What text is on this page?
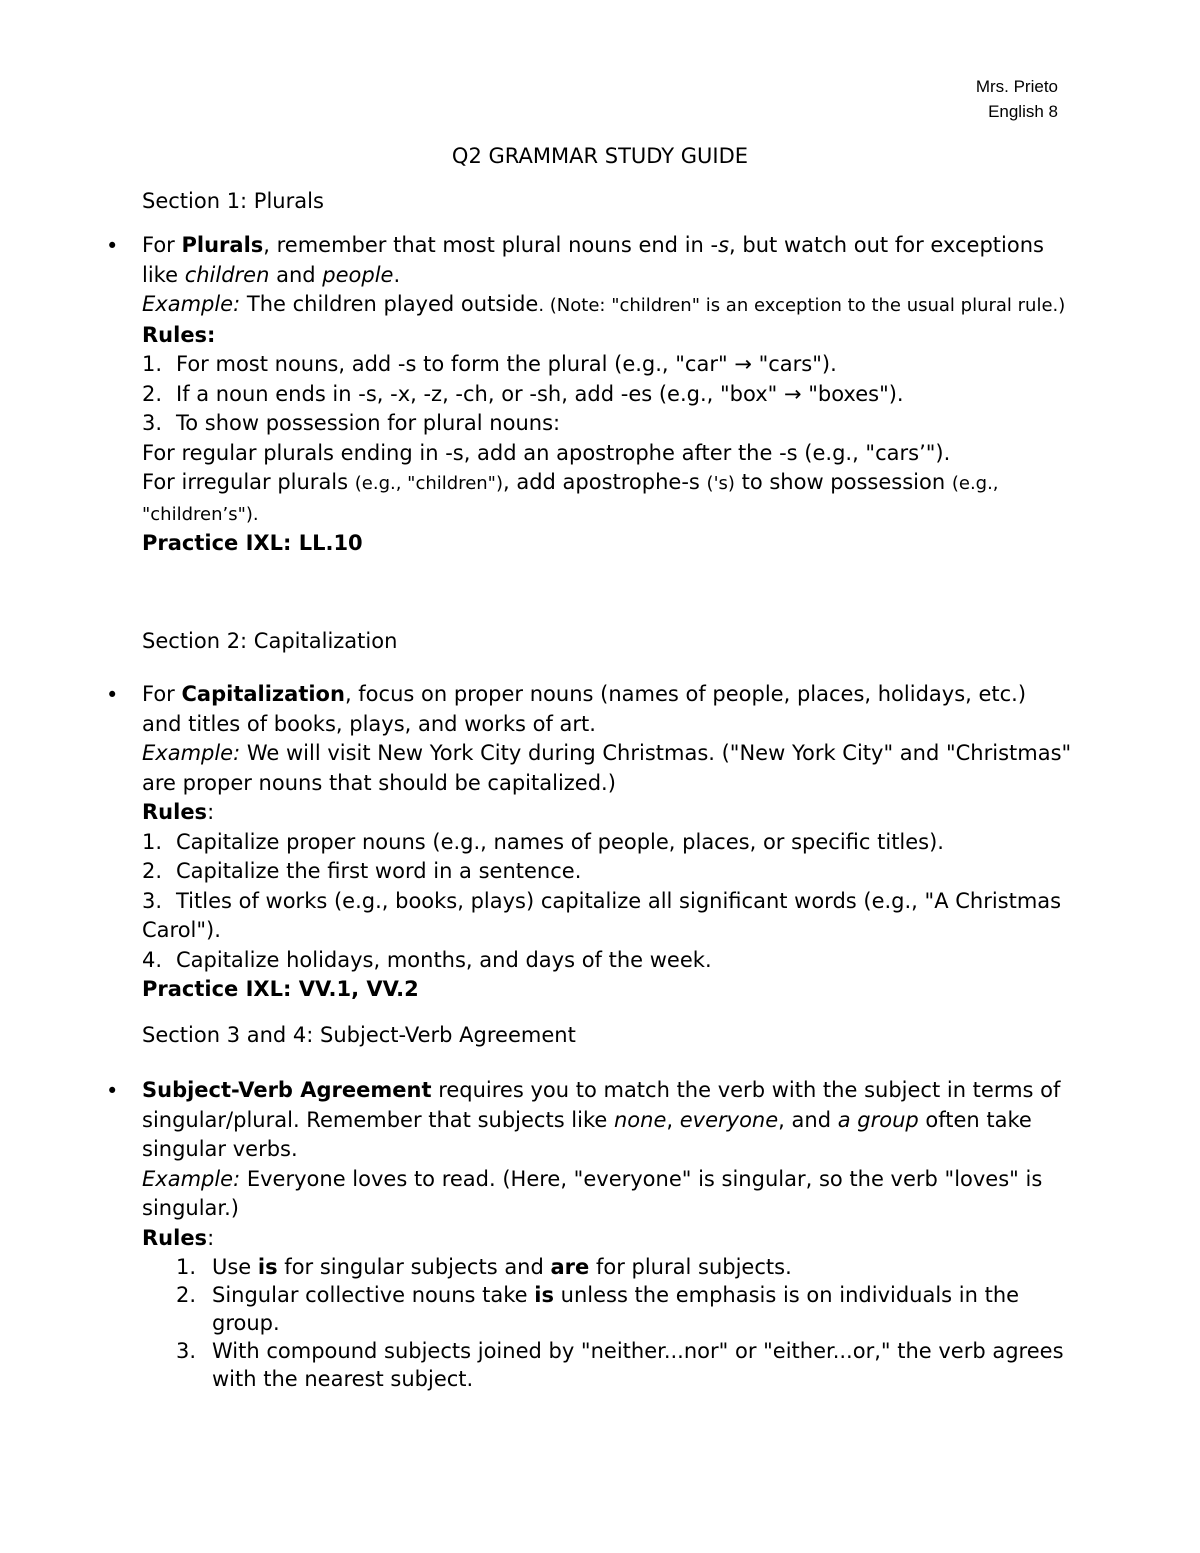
Mrs. Prieto
English 8
Q2 GRAMMAR STUDY GUIDE
Section 1: Plurals
• For Plurals, remember that most plural nouns end in -s, but watch out for exceptions like children and people.

Example: The children played outside. (Note: "children" is an exception to the usual plural rule.)

Rules:

1. For most nouns, add -s to form the plural (e.g., "car" → "cars").

2. If a noun ends in -s, -x, -z, -ch, or -sh, add -es (e.g., "box" → "boxes").

3. To show possession for plural nouns:

For regular plurals ending in -s, add an apostrophe after the -s (e.g., "cars’").

For irregular plurals (e.g., "children"), add apostrophe-s ('s) to show possession (e.g., "children’s").

Practice IXL: LL.10

Section 2: Capitalization
• For Capitalization, focus on proper nouns (names of people, places, holidays, etc.) and titles of books, plays, and works of art.

Example: We will visit New York City during Christmas. ("New York City" and "Christmas" are proper nouns that should be capitalized.)

Rules:

1. Capitalize proper nouns (e.g., names of people, places, or specific titles).

2. Capitalize the first word in a sentence.

3. Titles of works (e.g., books, plays) capitalize all significant words (e.g., "A Christmas Carol").

4. Capitalize holidays, months, and days of the week.

Practice IXL: VV.1, VV.2

Section 3 and 4: Subject-Verb Agreement
• Subject-Verb Agreement requires you to match the verb with the subject in terms of singular/plural. Remember that subjects like none, everyone, and a group often take singular verbs.

Example: Everyone loves to read. (Here, "everyone" is singular, so the verb "loves" is singular.)

Rules:

1. Use is for singular subjects and are for plural subjects.
2. Singular collective nouns take is unless the emphasis is on individuals in the group.
3. With compound subjects joined by "neither...nor" or "either...or," the verb agrees with the nearest subject.
